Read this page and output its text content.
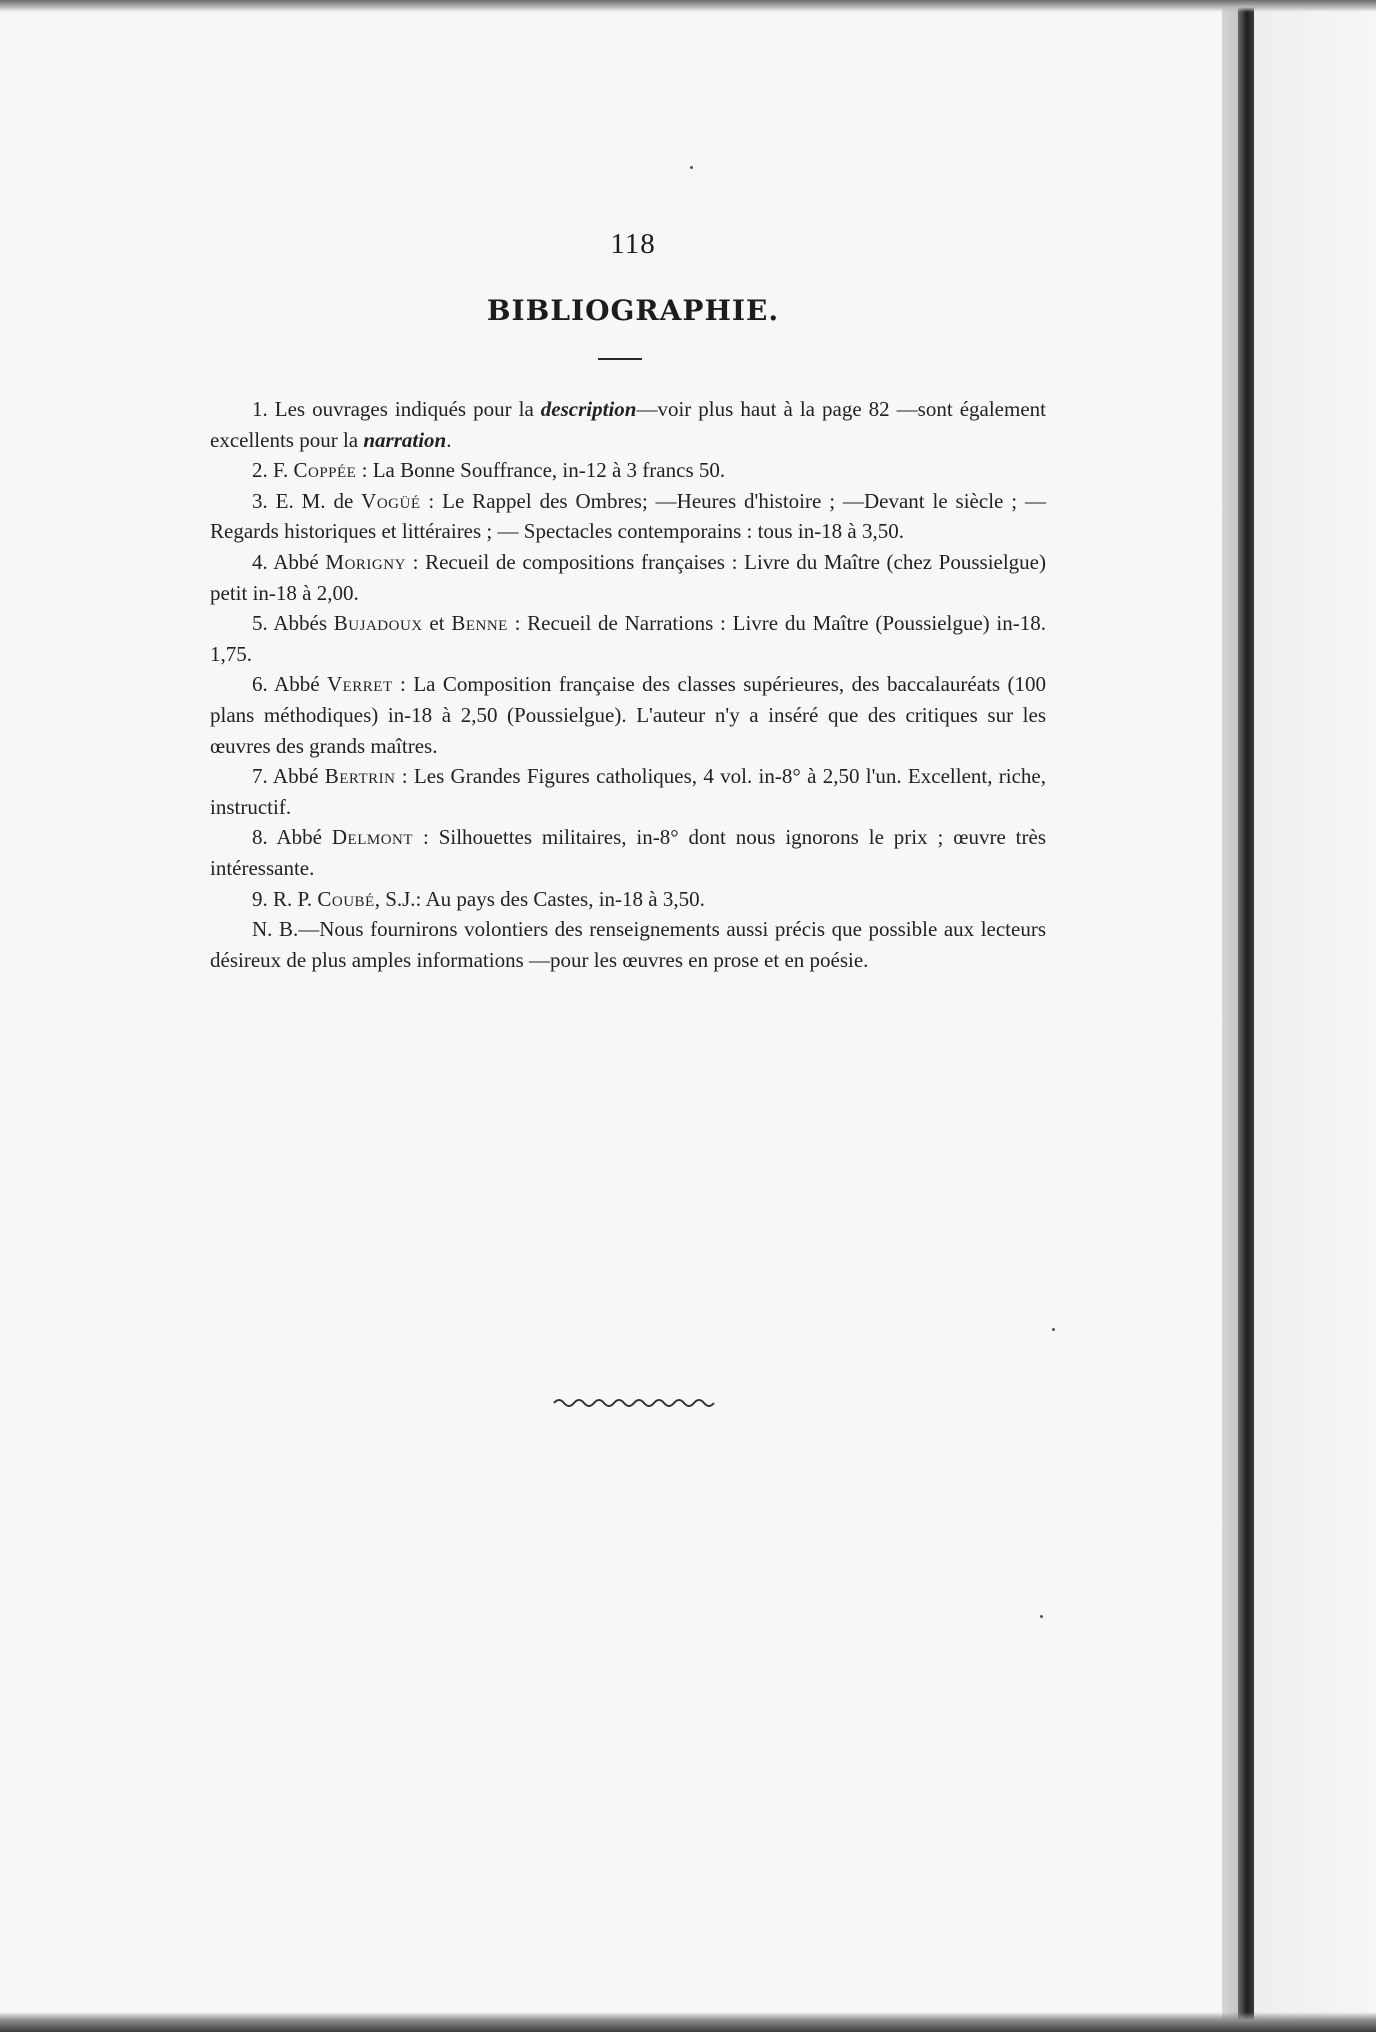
118
BIBLIOGRAPHIE.

1. Les ouvrages indiqués pour la description—voir plus haut à la page 82 —sont également excellents pour la narration.

2. F. Coppée : La Bonne Souffrance, in-12 à 3 francs 50.

3. E. M. de Vogüé : Le Rappel des Ombres; —Heures d'histoire ; —Devant le siècle ; — Regards historiques et littéraires ; — Spectacles contemporains : tous in-18 à 3,50.

4. Abbé Morigny : Recueil de compositions françaises : Livre du Maître (chez Poussielgue) petit in-18 à 2,00.

5. Abbés Bujadoux et Benne : Recueil de Narrations : Livre du Maître (Poussielgue) in-18. 1,75.

6. Abbé Verret : La Composition française des classes supérieures, des baccalauréats (100 plans méthodiques) in-18 à 2,50 (Poussielgue). L'auteur n'y a inséré que des critiques sur les œuvres des grands maîtres.

7. Abbé Bertrin : Les Grandes Figures catholiques, 4 vol. in-8° à 2,50 l'un. Excellent, riche, instructif.

8. Abbé Delmont : Silhouettes militaires, in-8° dont nous ignorons le prix ; œuvre très intéressante.

9. R. P. Coubé, S.J.: Au pays des Castes, in-18 à 3,50.

N. B.—Nous fournirons volontiers des renseignements aussi précis que possible aux lecteurs désireux de plus amples informations —pour les œuvres en prose et en poésie.
